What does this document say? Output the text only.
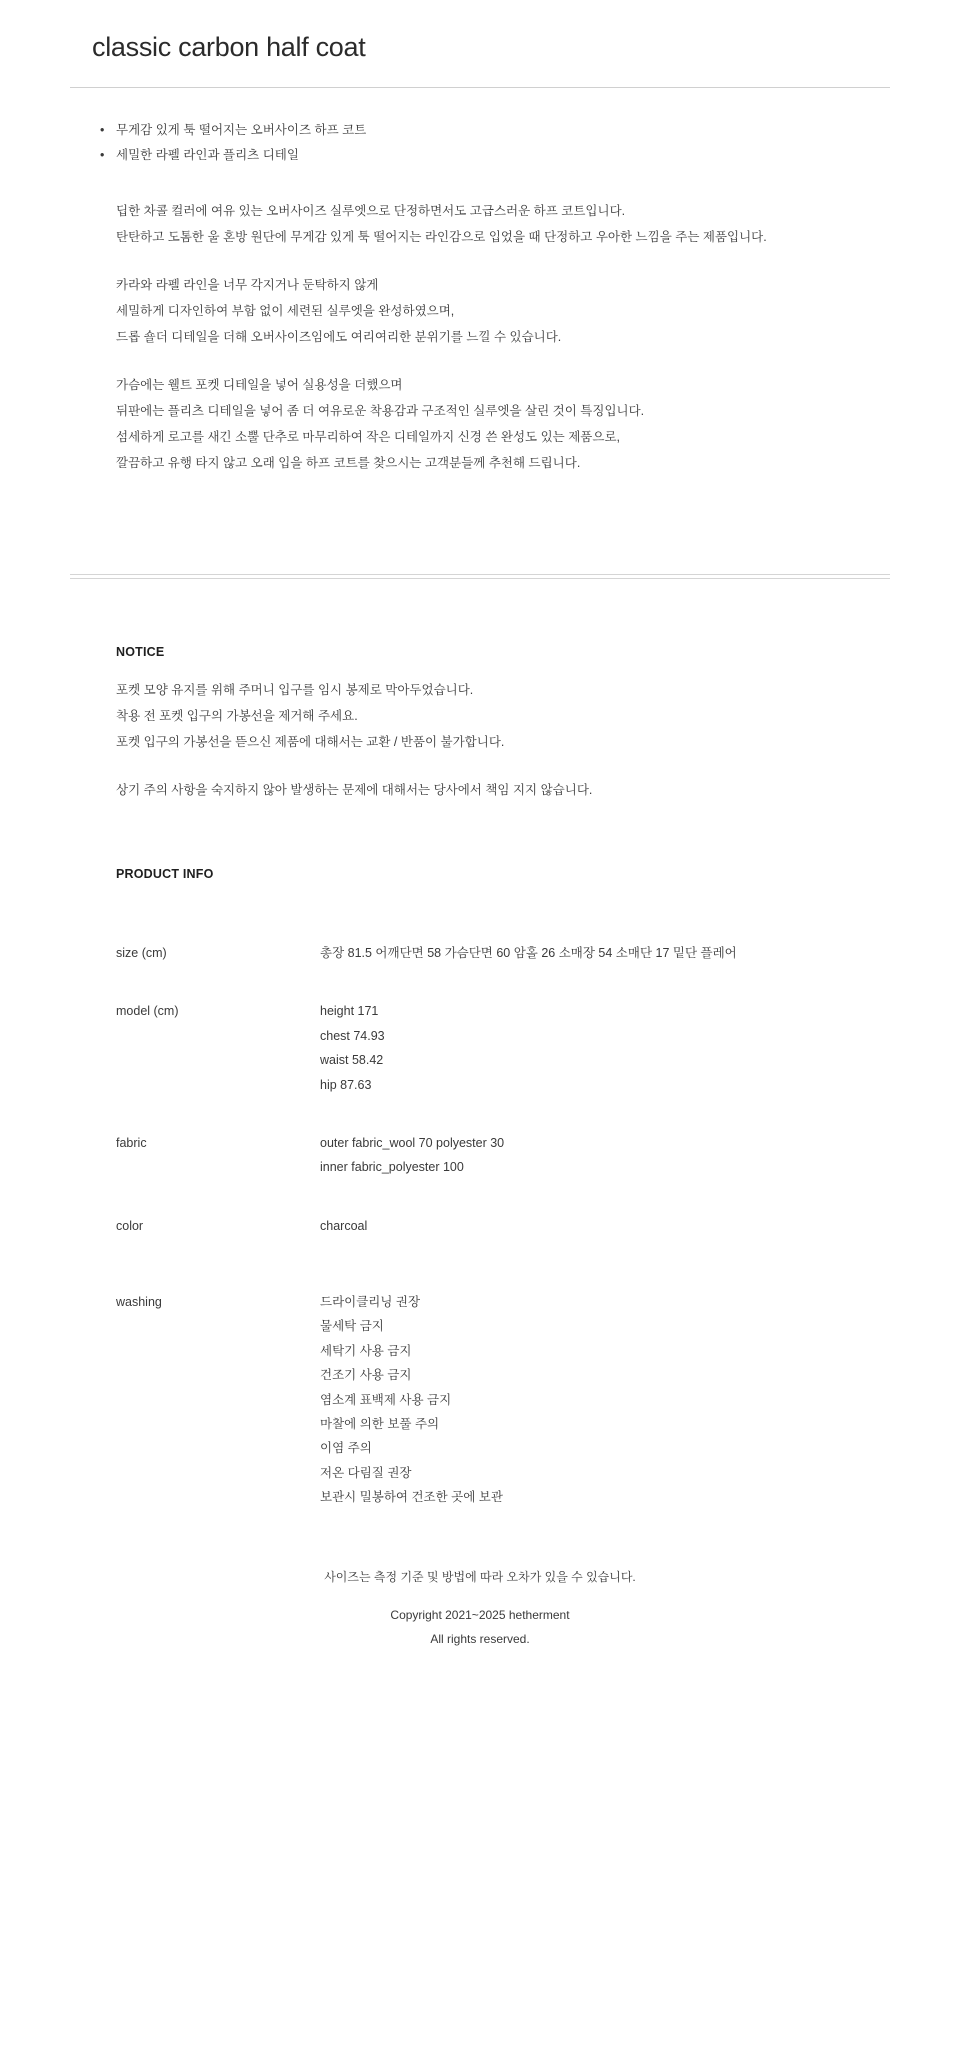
classic carbon half coat
• 무게감 있게 툭 떨어지는 오버사이즈 하프 코트
• 세밀한 라펠 라인과 플리츠 디테일

딥한 차콜 컬러에 여유 있는 오버사이즈 실루엣으로 단정하면서도 고급스러운 하프 코트입니다.

탄탄하고 도톰한 울 혼방 원단에 무게감 있게 툭 떨어지는 라인감으로 입었을 때 단정하고 우아한 느낌을 주는 제품입니다.

카라와 라펠 라인을 너무 각지거나 둔탁하지 않게

세밀하게 디자인하여 부함 없이 세련된 실루엣을 완성하였으며,

드롭 숄더 디테일을 더해 오버사이즈임에도 여리여리한 분위기를 느낄 수 있습니다.

가슴에는 웰트 포켓 디테일을 넣어 실용성을 더했으며

뒤판에는 플리츠 디테일을 넣어 좀 더 여유로운 착용감과 구조적인 실루엣을 살린 것이 특징입니다.

섬세하게 로고를 새긴 소뿔 단추로 마무리하여 작은 디테일까지 신경 쓴 완성도 있는 제품으로,

깔끔하고 유행 타지 않고 오래 입을 하프 코트를 찾으시는 고객분들께 추천해 드립니다.

NOTICE

포켓 모양 유지를 위해 주머니 입구를 임시 봉제로 막아두었습니다.

착용 전 포켓 입구의 가봉선을 제거해 주세요.

포켓 입구의 가봉선을 뜯으신 제품에 대해서는 교환 / 반품이 불가합니다.

상기 주의 사항을 숙지하지 않아 발생하는 문제에 대해서는 당사에서 책임 지지 않습니다.

PRODUCT INFO

size (cm)	총장 81.5 어깨단면 58 가슴단면 60 암홀 26 소매장 54 소매단 17 밑단 플레어

model (cm)	height 171
chest 74.93
waist 58.42
hip 87.63

fabric	outer fabric_wool 70 polyester 30
inner fabric_polyester 100

color	charcoal

washing	드라이클리닝 권장
물세탁 금지
세탁기 사용 금지
건조기 사용 금지
염소계 표백제 사용 금지
마찰에 의한 보풀 주의
이염 주의
저온 다림질 권장
보관시 밀봉하여 건조한 곳에 보관
사이즈는 측정 기준 및 방법에 따라 오차가 있을 수 있습니다.
Copyright 2021~2025 hetherment
All rights reserved.
